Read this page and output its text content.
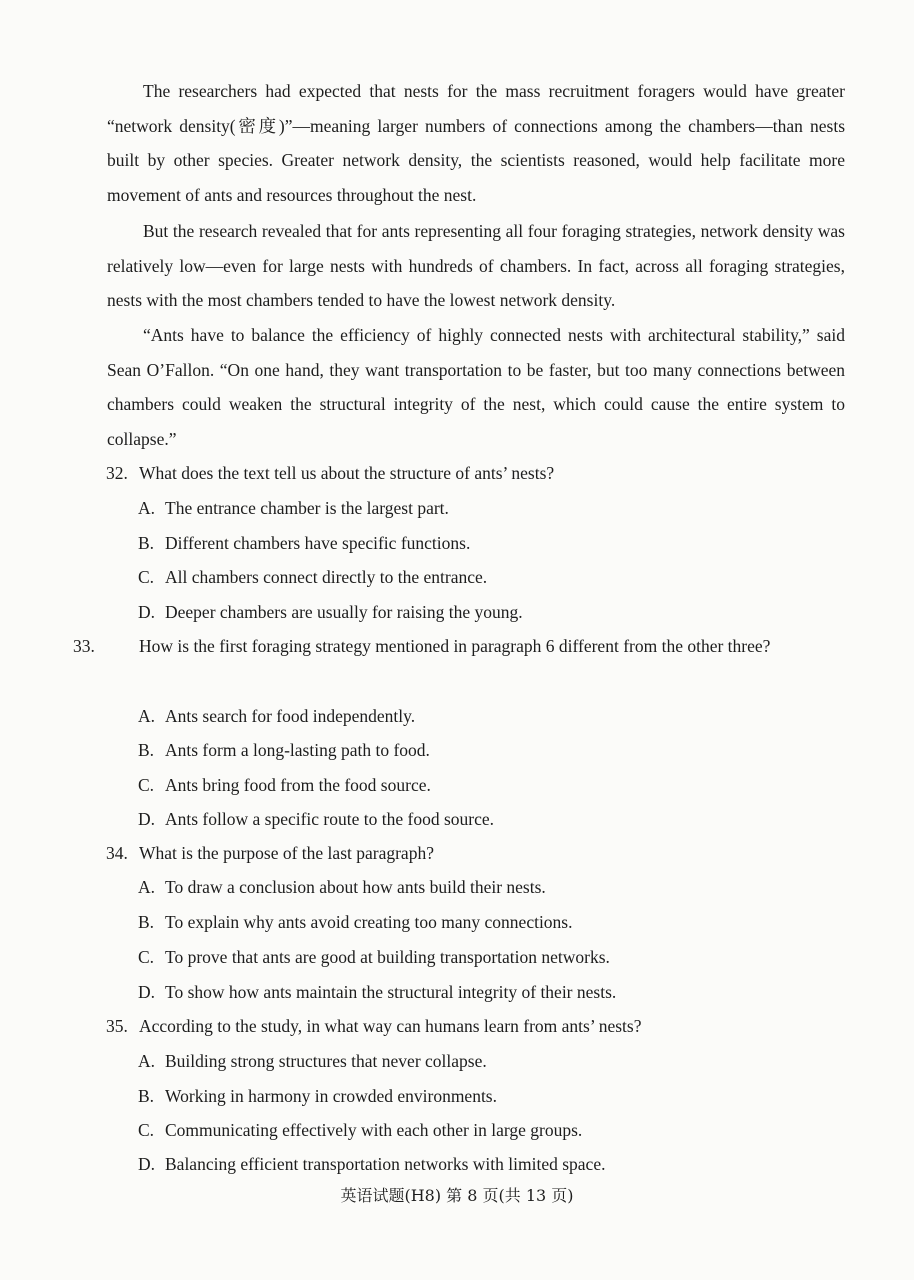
The researchers had expected that nests for the mass recruitment foragers would have greater “network density(密度)”—meaning larger numbers of connections among the chambers—than nests built by other species. Greater network density, the scientists reasoned, would help facilitate more movement of ants and resources throughout the nest.

But the research revealed that for ants representing all four foraging strategies, network density was relatively low—even for large nests with hundreds of chambers. In fact, across all foraging strategies, nests with the most chambers tended to have the lowest network density.

“Ants have to balance the efficiency of highly connected nests with architectural stability,” said Sean O’Fallon. “On one hand, they want transportation to be faster, but too many connections between chambers could weaken the structural integrity of the nest, which could cause the entire system to collapse.”

32. What does the text tell us about the structure of ants’ nests?
A. The entrance chamber is the largest part.
B. Different chambers have specific functions.
C. All chambers connect directly to the entrance.
D. Deeper chambers are usually for raising the young.
33.	How is the first foraging strategy mentioned in paragraph 6 different from the other three?
A. Ants search for food independently.
B. Ants form a long-lasting path to food.
C. Ants bring food from the food source.
D. Ants follow a specific route to the food source.
34. What is the purpose of the last paragraph?
A. To draw a conclusion about how ants build their nests.
B. To explain why ants avoid creating too many connections.
C. To prove that ants are good at building transportation networks.
D. To show how ants maintain the structural integrity of their nests.
35. According to the study, in what way can humans learn from ants’ nests?
A. Building strong structures that never collapse.
B. Working in harmony in crowded environments.
C. Communicating effectively with each other in large groups.
D. Balancing efficient transportation networks with limited space.
英语试题(H8) 第 8 页(共 13 页)
